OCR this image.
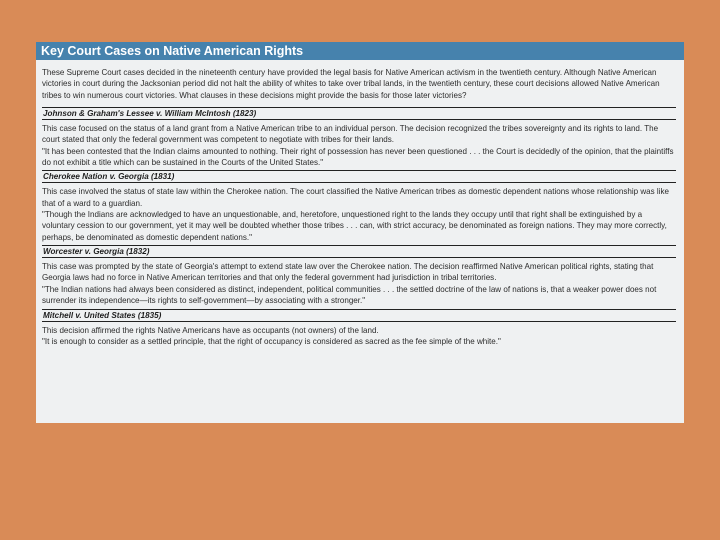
Key Court Cases on Native American Rights
These Supreme Court cases decided in the nineteenth century have provided the legal basis for Native American activism in the twentieth century. Although Native American victories in court during the Jacksonian period did not halt the ability of whites to take over tribal lands, in the twentieth century, these court decisions allowed Native American tribes to win numerous court victories. What clauses in these decisions might provide the basis for those later victories?
Johnson & Graham's Lessee v. William McIntosh (1823)

This case focused on the status of a land grant from a Native American tribe to an individual person. The decision recognized the tribes sovereignty and its rights to land. The court stated that only the federal government was competent to negotiate with tribes for their lands.

"It has been contested that the Indian claims amounted to nothing. Their right of possession has never been questioned . . . the Court is decidedly of the opinion, that the plaintiffs do not exhibit a title which can be sustained in the Courts of the United States."

Cherokee Nation v. Georgia (1831)

This case involved the status of state law within the Cherokee nation. The court classified the Native American tribes as domestic dependent nations whose relationship was like that of a ward to a guardian.

"Though the Indians are acknowledged to have an unquestionable, and, heretofore, unquestioned right to the lands they occupy until that right shall be extinguished by a voluntary cession to our government, yet it may well be doubted whether those tribes . . . can, with strict accuracy, be denominated as foreign nations. They may more correctly, perhaps, be denominated as domestic dependent nations."

Worcester v. Georgia (1832)

This case was prompted by the state of Georgia's attempt to extend state law over the Cherokee nation. The decision reaffirmed Native American political rights, stating that Georgia laws had no force in Native American territories and that only the federal government had jurisdiction in tribal territories.

"The Indian nations had always been considered as distinct, independent, political communities . . . the settled doctrine of the law of nations is, that a weaker power does not surrender its independence—its rights to self-government—by associating with a stronger."

Mitchell v. United States (1835)

This decision affirmed the rights Native Americans have as occupants (not owners) of the land.

"It is enough to consider as a settled principle, that the right of occupancy is considered as sacred as the fee simple of the white."
